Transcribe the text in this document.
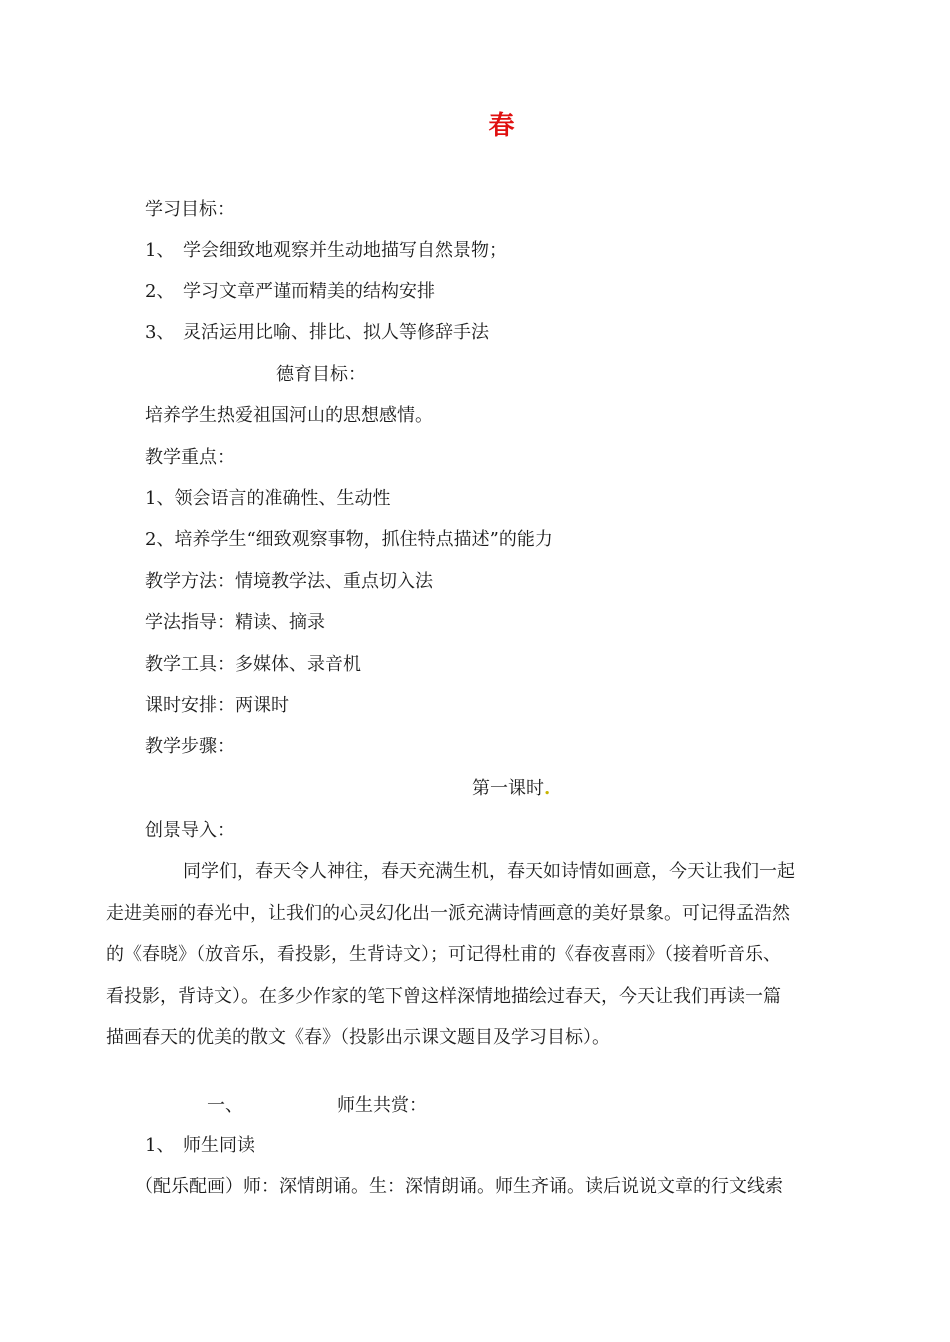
春
学习目标：
1、 学会细致地观察并生动地描写自然景物；
2、 学习文章严谨而精美的结构安排
3、 灵活运用比喻、排比、拟人等修辞手法
德育目标：
培养学生热爱祖国河山的思想感情。
教学重点：
1、领会语言的准确性、生动性
2、培养学生“细致观察事物，抓住特点描述”的能力
教学方法：情境教学法、重点切入法
学法指导：精读、摘录
教学工具：多媒体、录音机
课时安排：两课时
教学步骤：
第一课时.
创景导入：
同学们，春天令人神往，春天充满生机，春天如诗情如画意，今天让我们一起
走进美丽的春光中，让我们的心灵幻化出一派充满诗情画意的美好景象。可记得孟浩然
的《春晓》（放音乐，看投影，生背诗文）；可记得杜甫的《春夜喜雨》（接着听音乐、
看投影，背诗文）。在多少作家的笔下曾这样深情地描绘过春天，今天让我们再读一篇
描画春天的优美的散文《春》（投影出示课文题目及学习目标）。
一、	师生共赏：
1、 师生同读
（配乐配画）师：深情朗诵。生：深情朗诵。师生齐诵。读后说说文章的行文线索
